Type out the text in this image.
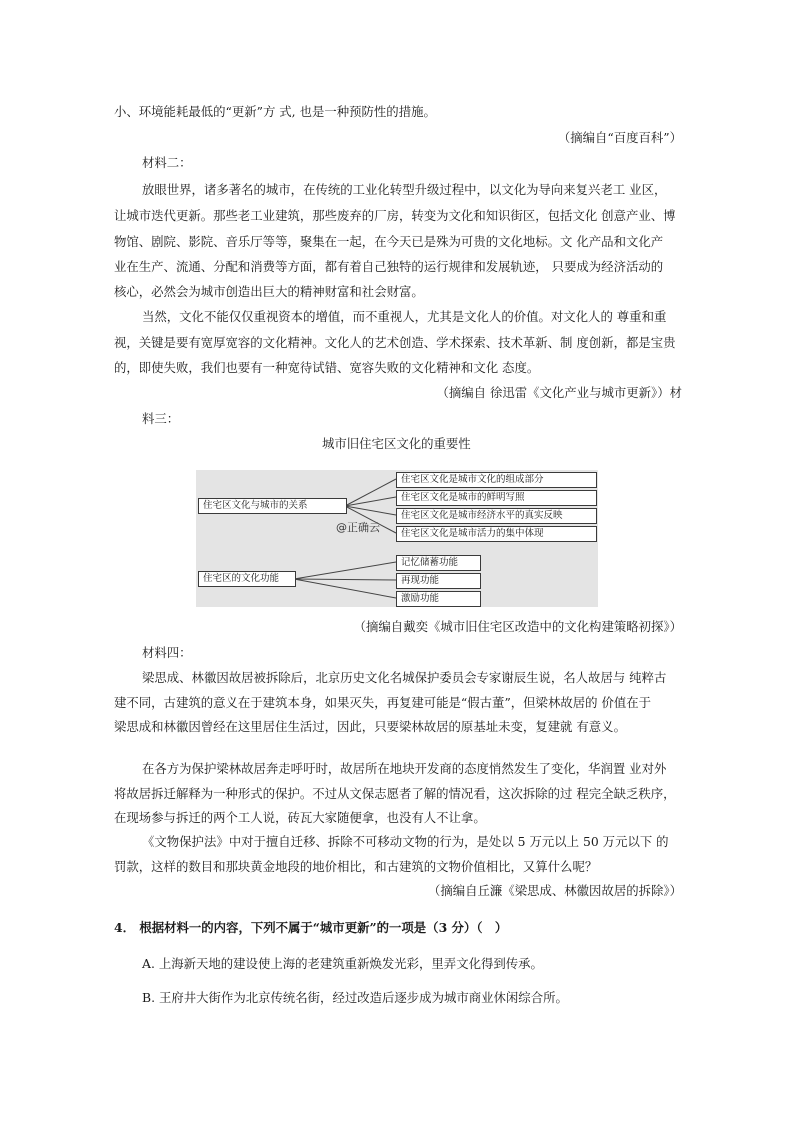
小、环境能耗最低的“更新”方 式, 也是一种预防性的措施。
（摘编自“百度百科”）
材料二：
放眼世界，诸多著名的城市，在传统的工业化转型升级过程中，以文化为导向来复兴老工 业区，
让城市迭代更新。那些老工业建筑，那些废弃的厂房，转变为文化和知识街区，包括文化 创意产业、博
物馆、剧院、影院、音乐厅等等，聚集在一起，在今天已是殊为可贵的文化地标。文 化产品和文化产
业在生产、流通、分配和消费等方面，都有着自己独特的运行规律和发展轨迹， 只要成为经济活动的
核心，必然会为城市创造出巨大的精神财富和社会财富。
当然，文化不能仅仅重视资本的增值，而不重视人，尤其是文化人的价值。对文化人的 尊重和重
视，关键是要有宽厚宽容的文化精神。文化人的艺术创造、学术探索、技术革新、制 度创新，都是宝贵
的，即使失败，我们也要有一种宽待试错、宽容失败的文化精神和文化 态度。
（摘编自 徐迅雷《文化产业与城市更新》）材
料三：
城市旧住宅区文化的重要性
住宅区文化与城市的关系
住宅区文化是城市文化的组成部分
住宅区文化是城市的鲜明写照
住宅区文化是城市经济水平的真实反映
住宅区文化是城市活力的集中体现
@正确云
住宅区的文化功能
记忆储蓄功能
再现功能
激励功能
（摘编自戴奕《城市旧住宅区改造中的文化构建策略初探》）
材料四：
梁思成、林徽因故居被拆除后，北京历史文化名城保护委员会专家谢辰生说，名人故居与 纯粹古
建不同，古建筑的意义在于建筑本身，如果灭失，再复建可能是“假古董”，但梁林故居的 价值在于
梁思成和林徽因曾经在这里居住生活过，因此，只要梁林故居的原基址未变，复建就 有意义。
在各方为保护梁林故居奔走呼吁时，故居所在地块开发商的态度悄然发生了变化，华润置 业对外
将故居拆迁解释为一种形式的保护。不过从文保志愿者了解的情况看，这次拆除的过 程完全缺乏秩序，
在现场参与拆迁的两个工人说，砖瓦大家随便拿，也没有人不让拿。
《文物保护法》中对于擅自迁移、拆除不可移动文物的行为，是处以 5 万元以上 50 万元以下 的
罚款，这样的数目和那块黄金地段的地价相比，和古建筑的文物价值相比，又算什么呢？
（摘编自丘濂《梁思成、林徽因故居的拆除》）
4． 根据材料一的内容，下列不属于“城市更新”的一项是（3 分）（　）
A. 上海新天地的建设使上海的老建筑重新焕发光彩，里弄文化得到传承。
B. 王府井大街作为北京传统名街，经过改造后逐步成为城市商业休闲综合所。
